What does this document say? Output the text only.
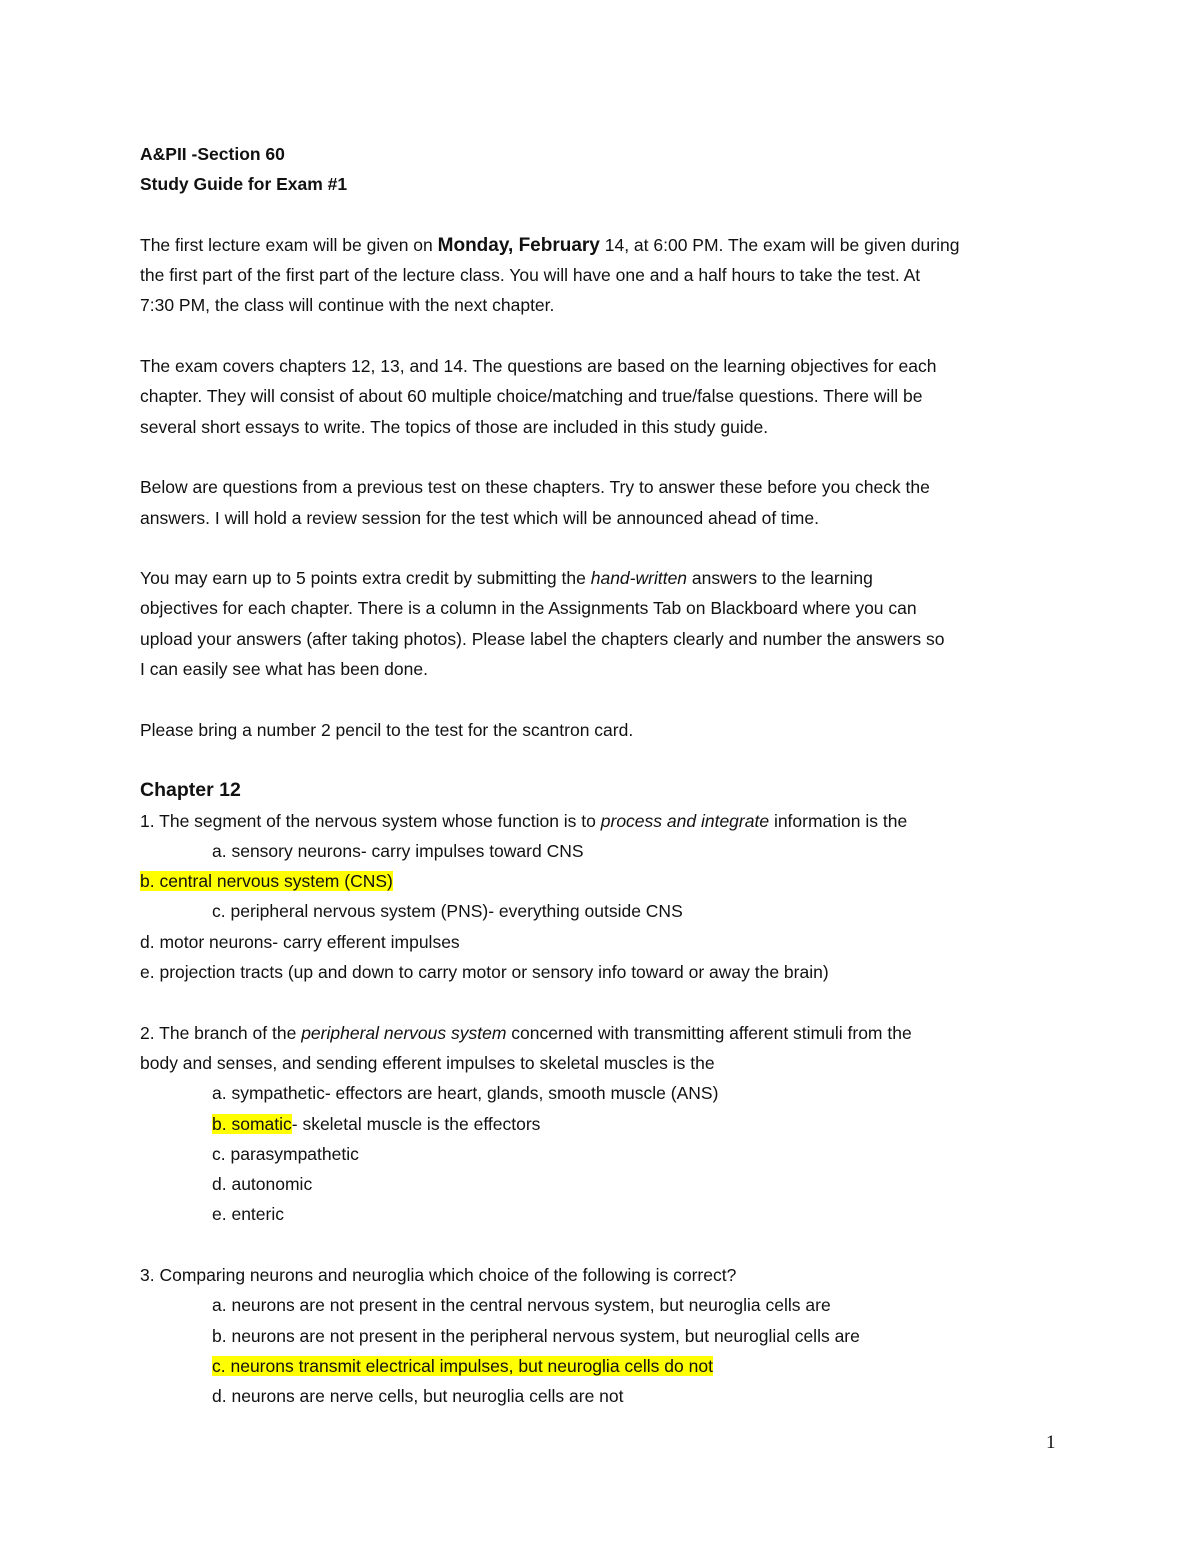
A&PII -Section 60
Study Guide for Exam #1
The first lecture exam will be given on Monday, February 14, at 6:00 PM. The exam will be given during
the first part of the first part of the lecture class. You will have one and a half hours to take the test. At
7:30 PM, the class will continue with the next chapter.
The exam covers chapters 12, 13, and 14. The questions are based on the learning objectives for each
chapter. They will consist of about 60 multiple choice/matching and true/false questions. There will be
several short essays to write. The topics of those are included in this study guide.
Below are questions from a previous test on these chapters. Try to answer these before you check the
answers. I will hold a review session for the test which will be announced ahead of time.
You may earn up to 5 points extra credit by submitting the hand-written answers to the learning
objectives for each chapter. There is a column in the Assignments Tab on Blackboard where you can
upload your answers (after taking photos). Please label the chapters clearly and number the answers so
I can easily see what has been done.
Please bring a number 2 pencil to the test for the scantron card.
Chapter 12
1. The segment of the nervous system whose function is to process and integrate information is the
a. sensory neurons- carry impulses toward CNS
b. central nervous system (CNS)
c. peripheral nervous system (PNS)- everything outside CNS
d. motor neurons- carry efferent impulses
e. projection tracts (up and down to carry motor or sensory info toward or away the brain)
2. The branch of the peripheral nervous system concerned with transmitting afferent stimuli from the
body and senses, and sending efferent impulses to skeletal muscles is the
a. sympathetic- effectors are heart, glands, smooth muscle (ANS)
b. somatic- skeletal muscle is the effectors
c. parasympathetic
d. autonomic
e. enteric
3. Comparing neurons and neuroglia which choice of the following is correct?
a. neurons are not present in the central nervous system, but neuroglia cells are
b. neurons are not present in the peripheral nervous system, but neuroglial cells are
c. neurons transmit electrical impulses, but neuroglia cells do not
d. neurons are nerve cells, but neuroglia cells are not
1
